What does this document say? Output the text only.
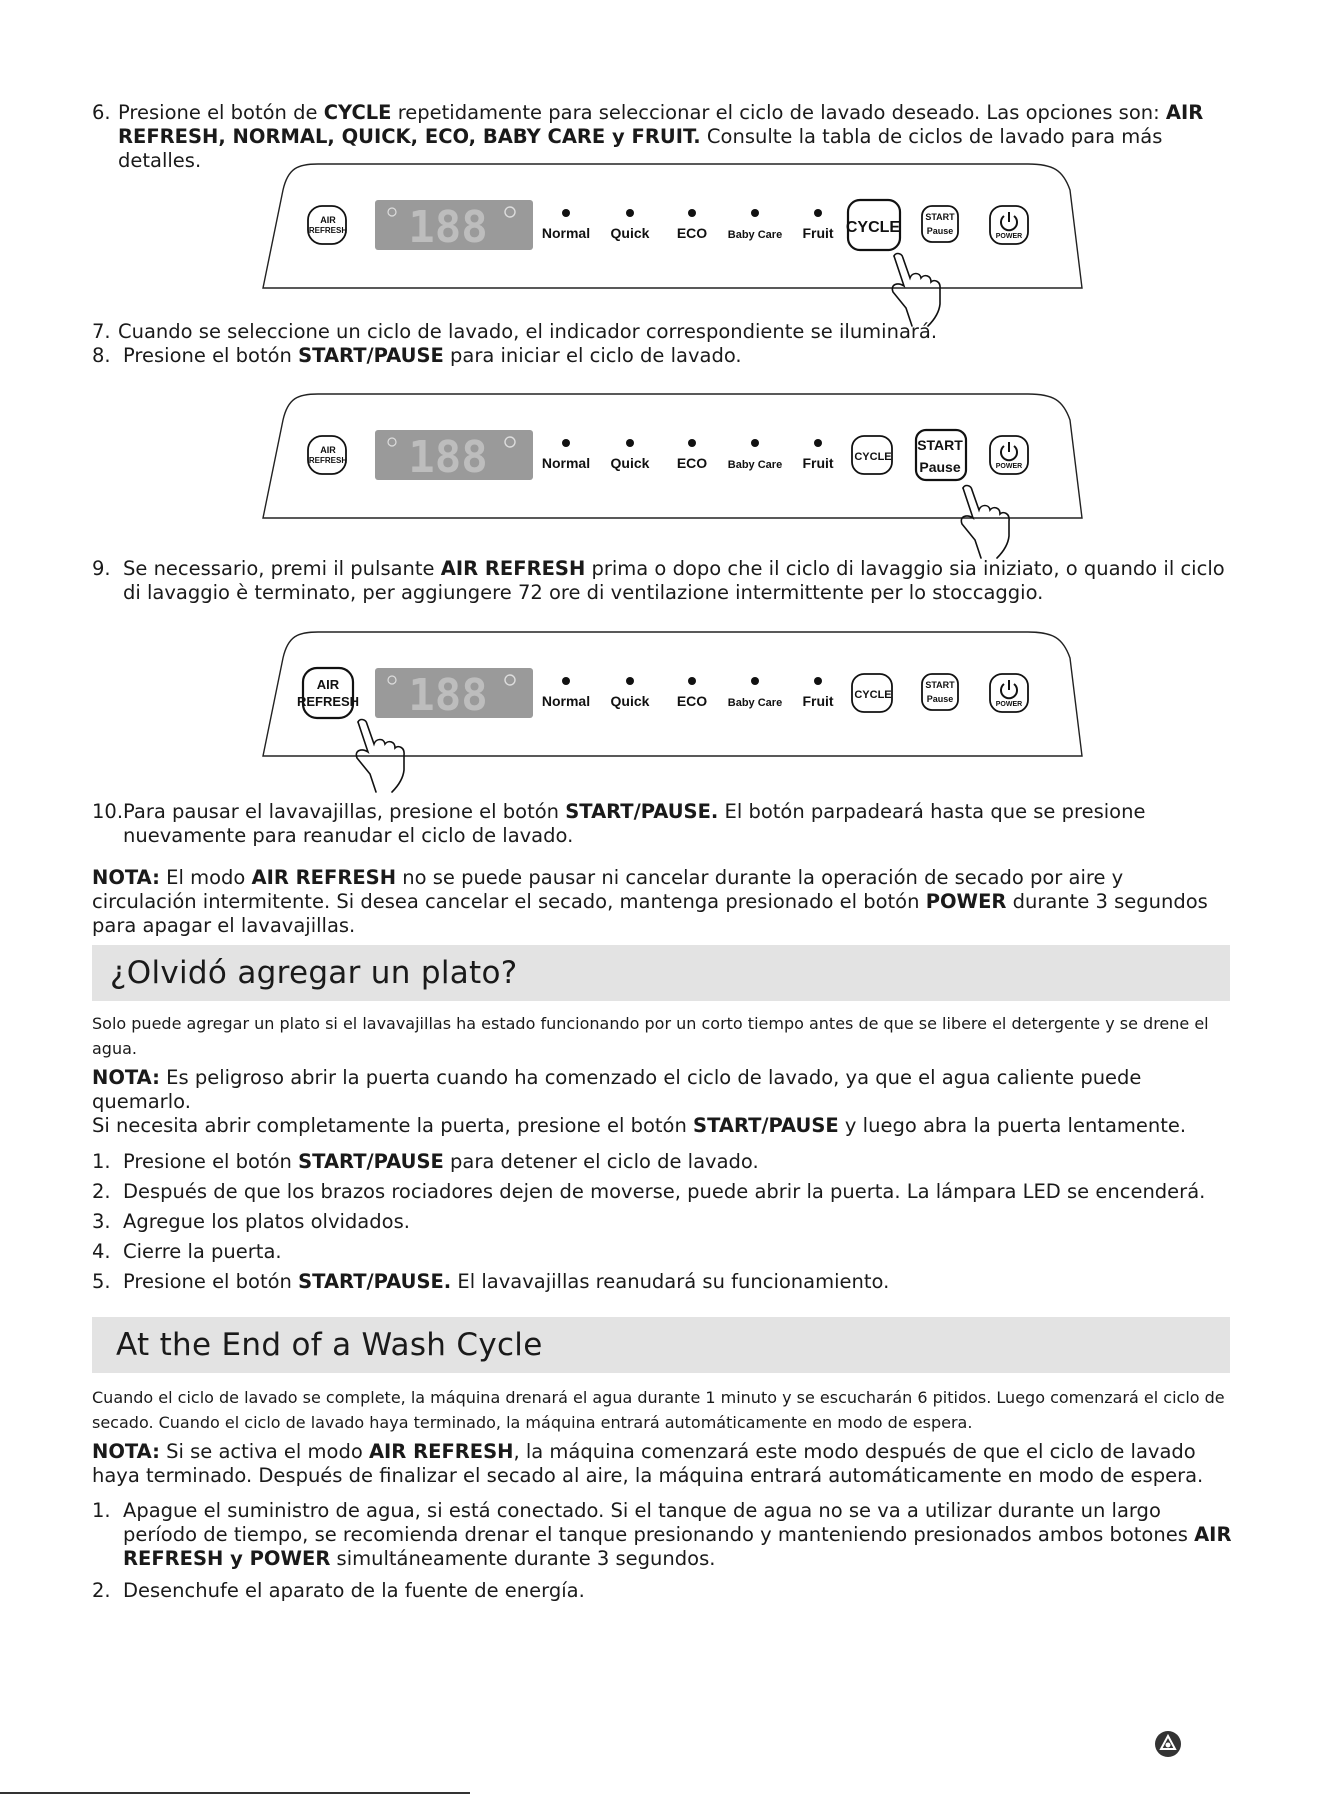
6. Presione el botón de CYCLE repetidamente para seleccionar el ciclo de lavado deseado. Las opciones son: AIR REFRESH, NORMAL, QUICK, ECO, BABY CARE y FRUIT. Consulte la tabla de ciclos de lavado para más detalles.
AIR
REFRESH 188	Normal Quick ECO Baby Care Fruit CYCLE
START
Pause
POWER
7. Cuando se seleccione un ciclo de lavado, el indicador correspondiente se iluminará.
8. Presione el botón START/PAUSE para iniciar el ciclo de lavado.
AIR
REFRESH 188	Normal Quick ECO Baby Care Fruit CYCLE
START
Pause	POWER
9. Se necessario, premi il pulsante AIR REFRESH prima o dopo che il ciclo di lavaggio sia iniziato, o quando il ciclo di lavaggio è terminato, per aggiungere 72 ore di ventilazione intermittente per lo stoccaggio.
AIR
REFRESH 188	Normal Quick ECO Baby Care Fruit CYCLE
START
Pause
POWER
10. Para pausar el lavavajillas, presione el botón START/PAUSE. El botón parpadeará hasta que se presione nuevamente para reanudar el ciclo de lavado.
NOTA: El modo AIR REFRESH no se puede pausar ni cancelar durante la operación de secado por aire y circulación intermitente. Si desea cancelar el secado, mantenga presionado el botón POWER durante 3 segundos para apagar el lavavajillas.
¿Olvidó agregar un plato?
Solo puede agregar un plato si el lavavajillas ha estado funcionando por un corto tiempo antes de que se libere el detergente y se drene el agua.
NOTA: Es peligroso abrir la puerta cuando ha comenzado el ciclo de lavado, ya que el agua caliente puede quemarlo.
Si necesita abrir completamente la puerta, presione el botón START/PAUSE y luego abra la puerta lentamente.
1. Presione el botón START/PAUSE para detener el ciclo de lavado.
2. Después de que los brazos rociadores dejen de moverse, puede abrir la puerta. La lámpara LED se encenderá.
3. Agregue los platos olvidados.
4. Cierre la puerta.
5. Presione el botón START/PAUSE. El lavavajillas reanudará su funcionamiento.
At the End of a Wash Cycle
Cuando el ciclo de lavado se complete, la máquina drenará el agua durante 1 minuto y se escucharán 6 pitidos. Luego comenzará el ciclo de secado. Cuando el ciclo de lavado haya terminado, la máquina entrará automáticamente en modo de espera.
NOTA: Si se activa el modo AIR REFRESH, la máquina comenzará este modo después de que el ciclo de lavado haya terminado. Después de finalizar el secado al aire, la máquina entrará automáticamente en modo de espera.
1. Apague el suministro de agua, si está conectado. Si el tanque de agua no se va a utilizar durante un largo período de tiempo, se recomienda drenar el tanque presionando y manteniendo presionados ambos botones AIR REFRESH y POWER simultáneamente durante 3 segundos.
2. Desenchufe el aparato de la fuente de energía.
